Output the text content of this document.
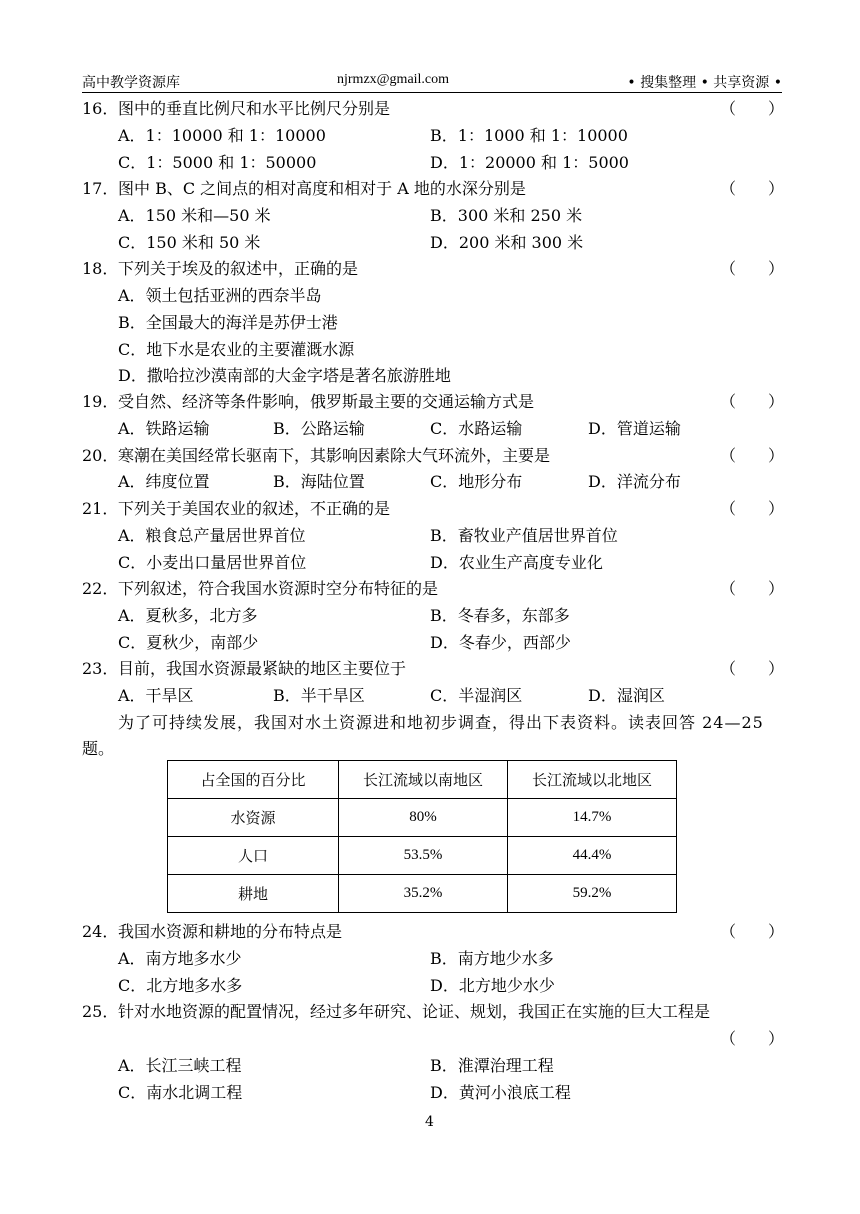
高中教学资源库	njrmzx@gmail.com	• 搜集整理 • 共享资源 •
16． 图中的垂直比例尺和水平比例尺分别是	（　　）
A．1：10000 和 1：10000	B．1：1000 和 1：10000
C．1：5000 和 1：50000	D．1：20000 和 1：5000
17． 图中 B、C 之间点的相对高度和相对于 A 地的水深分别是	（　　）
A．150 米和—50 米	B．300 米和 250 米
C．150 米和 50 米	D．200 米和 300 米
18． 下列关于埃及的叙述中，正确的是	（　　）
A．领土包括亚洲的西奈半岛
B．全国最大的海洋是苏伊士港
C．地下水是农业的主要灌溉水源
D．撒哈拉沙漠南部的大金字塔是著名旅游胜地
19． 受自然、经济等条件影响，俄罗斯最主要的交通运输方式是	（　　）
A．铁路运输	B．公路运输	C．水路运输	D．管道运输
20． 寒潮在美国经常长驱南下，其影响因素除大气环流外，主要是	（　　）
A．纬度位置	B．海陆位置	C．地形分布	D．洋流分布
21． 下列关于美国农业的叙述，不正确的是	（　　）
A．粮食总产量居世界首位	B．畜牧业产值居世界首位
C．小麦出口量居世界首位	D．农业生产高度专业化
22． 下列叙述，符合我国水资源时空分布特征的是	（　　）
A．夏秋多，北方多	B．冬春多，东部多
C．夏秋少，南部少	D．冬春少，西部少
23． 目前，我国水资源最紧缺的地区主要位于	（　　）
A．干旱区	B．半干旱区	C．半湿润区	D．湿润区
为了可持续发展，我国对水土资源进和地初步调查，得出下表资料。读表回答 24—25
题。
占全国的百分比	长江流域以南地区	长江流域以北地区
水资源	80%	14.7%
人口	53.5%	44.4%
耕地	35.2%	59.2%
24． 我国水资源和耕地的分布特点是	（　　）
A．南方地多水少	B．南方地少水多
C．北方地多水多	D．北方地少水少
25． 针对水地资源的配置情况，经过多年研究、论证、规划，我国正在实施的巨大工程是
（　　）
A．长江三峡工程	B．淮潭治理工程
C．南水北调工程	D．黄河小浪底工程
4
